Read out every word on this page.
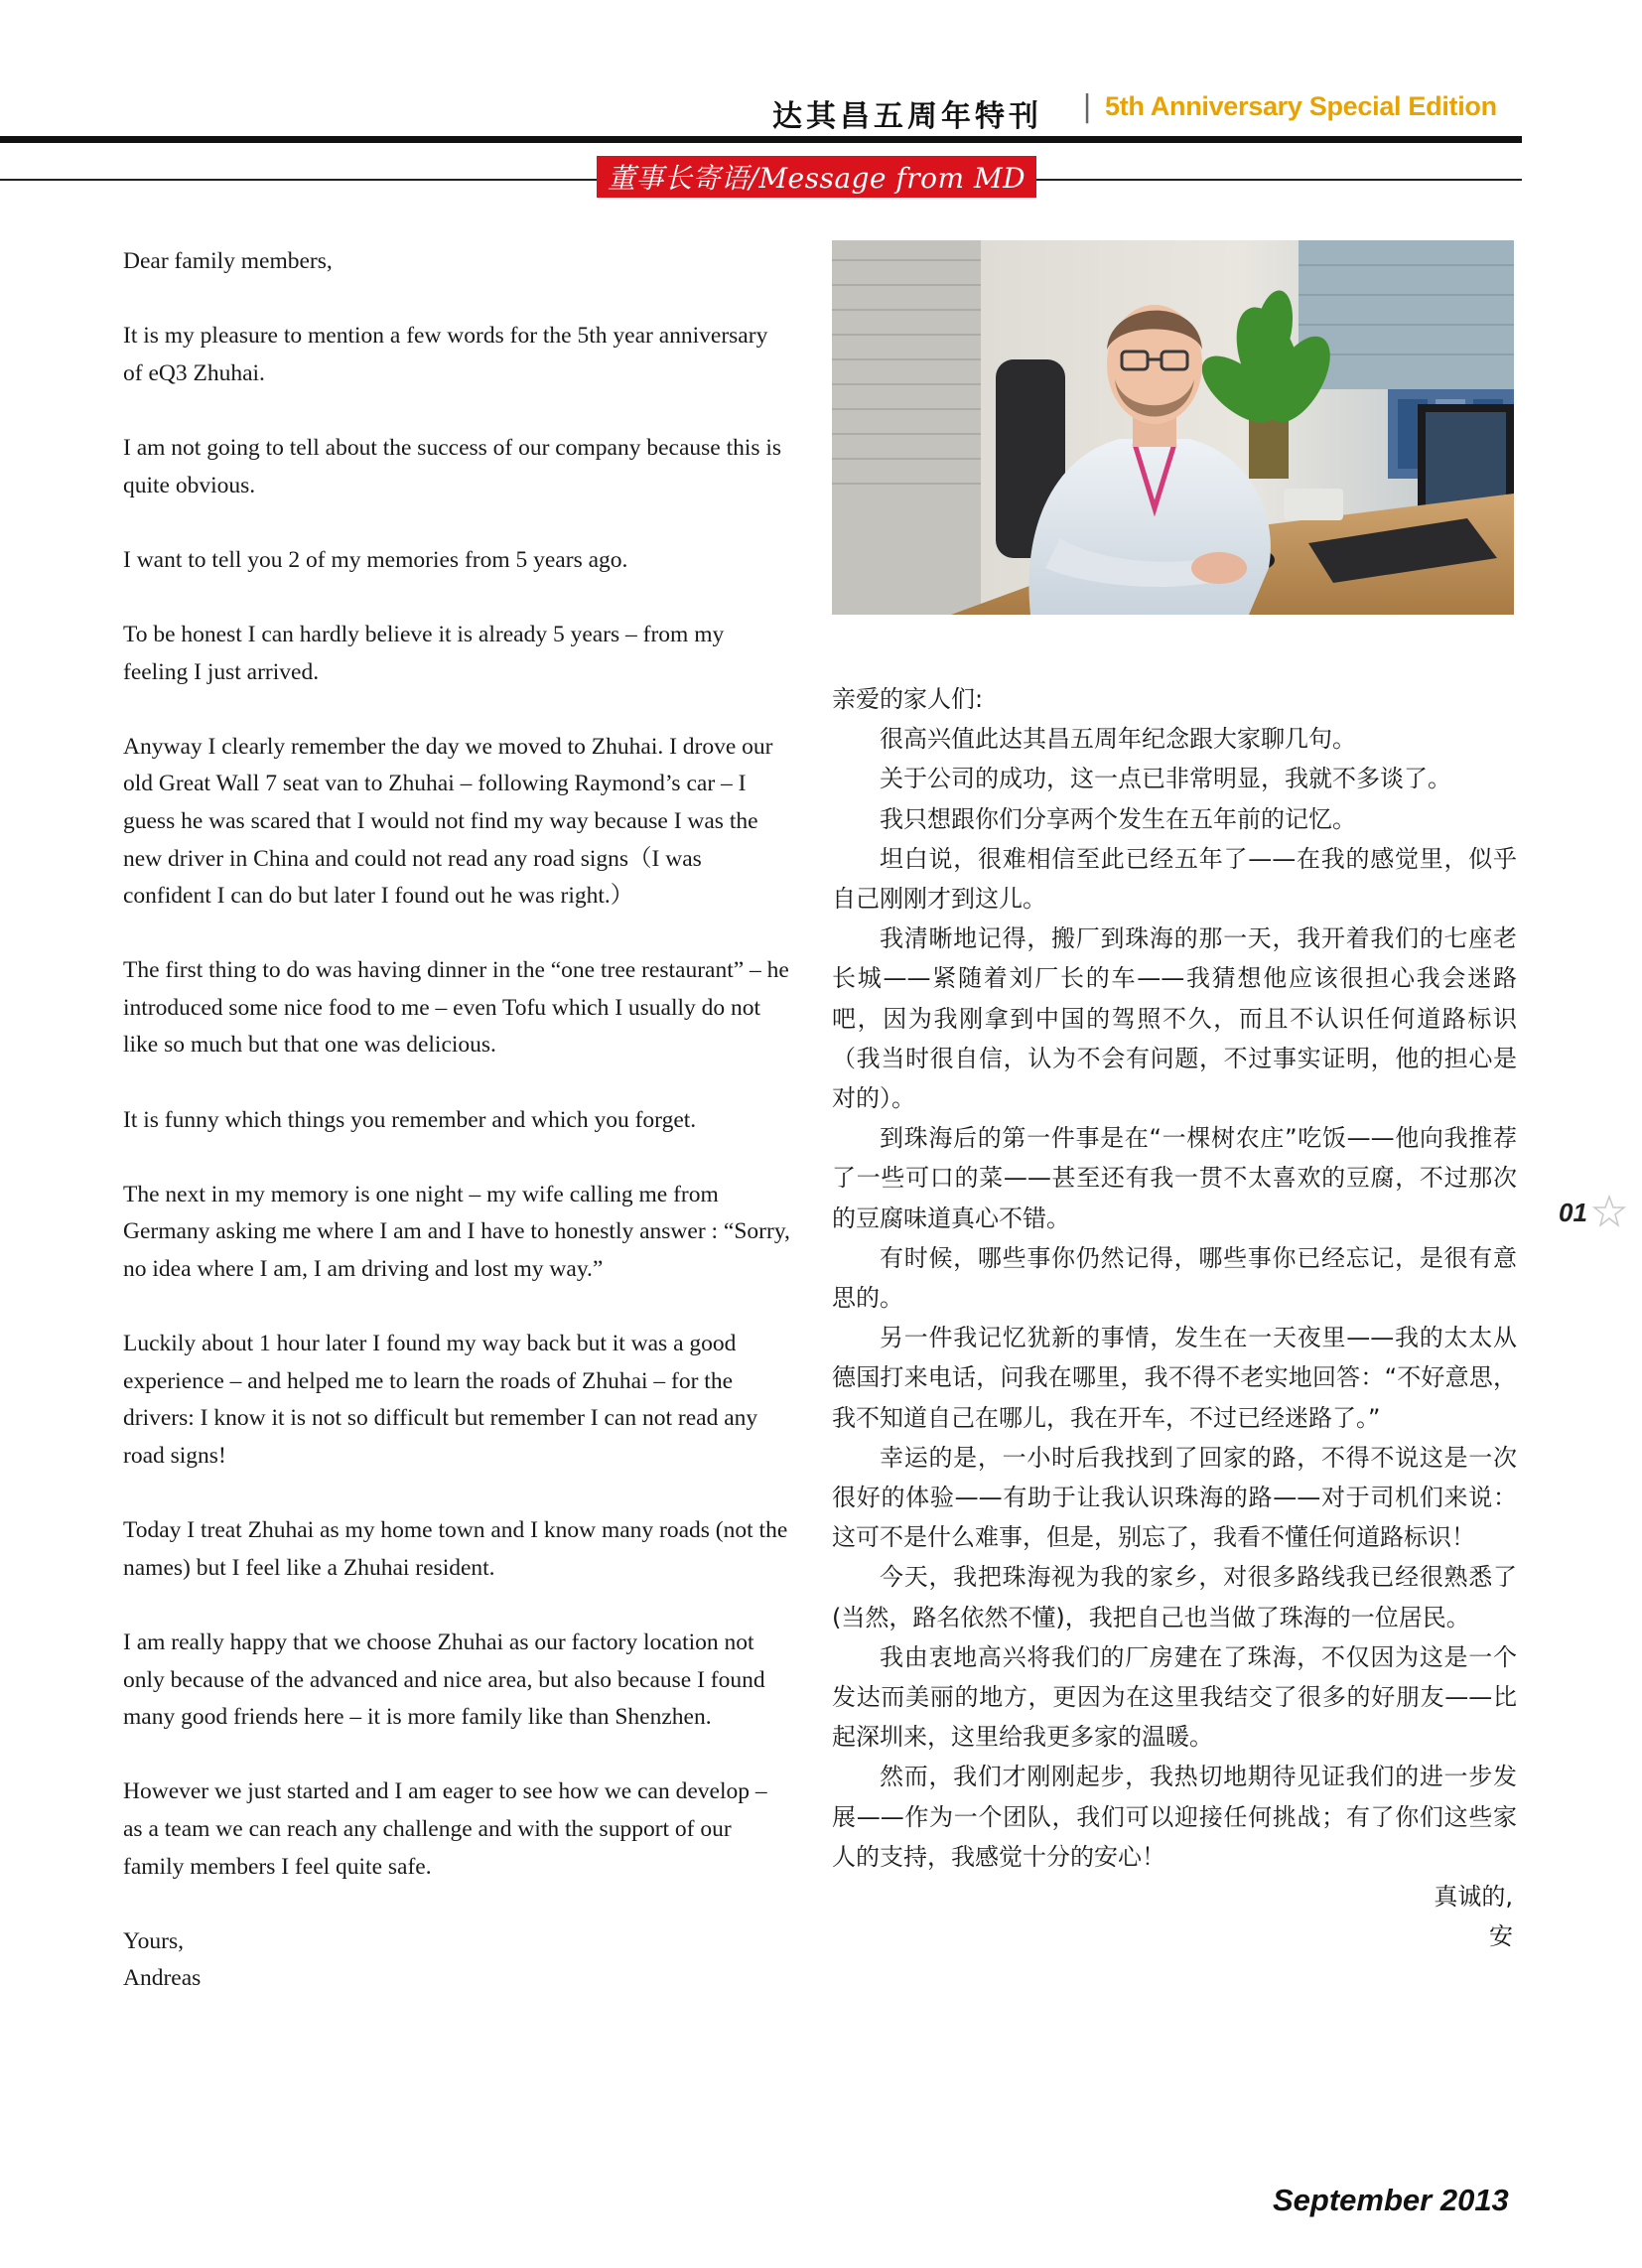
达其昌五周年特刊 | 5th Anniversary Special Edition
董事长寄语/Message from MD

Dear family members,

It is my pleasure to mention a few words for the 5th year anniversary of eQ3 Zhuhai.

I am not going to tell about the success of our company because this is quite obvious.

I want to tell you 2 of my memories from 5 years ago.

To be honest I can hardly believe it is already 5 years – from my feeling I just arrived.

Anyway I clearly remember the day we moved to Zhuhai. I drove our old Great Wall 7 seat van to Zhuhai – following Raymond’s car – I guess he was scared that I would not find my way because I was the new driver in China and could not read any road signs（I was confident I can do but later I found out he was right.）

The first thing to do was having dinner in the “one tree restaurant” – he introduced some nice food to me – even Tofu which I usually do not like so much but that one was delicious.

It is funny which things you remember and which you forget.

The next in my memory is one night – my wife calling me from Germany asking me where I am and I have to honestly answer : “Sorry, no idea where I am, I am driving and lost my way.”

Luckily about 1 hour later I found my way back but it was a good experience – and helped me to learn the roads of Zhuhai – for the drivers: I know it is not so difficult but remember I can not read any road signs!

Today I treat Zhuhai as my home town and I know many roads (not the names) but I feel like a Zhuhai resident.

I am really happy that we choose Zhuhai as our factory location not only because of the advanced and nice area, but also because I found many good friends here – it is more family like than Shenzhen.

However we just started and I am eager to see how we can develop – as a team we can reach any challenge and with the support of our family members I feel quite safe.

Yours,

Andreas

亲爱的家人们:

很高兴值此达其昌五周年纪念跟大家聊几句。

关于公司的成功，这一点已非常明显，我就不多谈了。

我只想跟你们分享两个发生在五年前的记忆。

坦白说，很难相信至此已经五年了——在我的感觉里，似乎自己刚刚才到这儿。

我清晰地记得，搬厂到珠海的那一天，我开着我们的七座老长城——紧随着刘厂长的车——我猜想他应该很担心我会迷路吧，因为我刚拿到中国的驾照不久，而且不认识任何道路标识（我当时很自信，认为不会有问题，不过事实证明，他的担心是对的）。

到珠海后的第一件事是在“一棵树农庄”吃饭——他向我推荐了一些可口的菜——甚至还有我一贯不太喜欢的豆腐，不过那次的豆腐味道真心不错。

有时候，哪些事你仍然记得，哪些事你已经忘记，是很有意思的。

另一件我记忆犹新的事情，发生在一天夜里——我的太太从德国打来电话，问我在哪里，我不得不老实地回答：“不好意思，我不知道自己在哪儿，我在开车，不过已经迷路了。”

幸运的是，一小时后我找到了回家的路，不得不说这是一次很好的体验——有助于让我认识珠海的路——对于司机们来说：这可不是什么难事，但是，别忘了，我看不懂任何道路标识！

今天，我把珠海视为我的家乡，对很多路线我已经很熟悉了(当然，路名依然不懂)，我把自己也当做了珠海的一位居民。

我由衷地高兴将我们的厂房建在了珠海，不仅因为这是一个发达而美丽的地方，更因为在这里我结交了很多的好朋友——比起深圳来，这里给我更多家的温暖。

然而，我们才刚刚起步，我热切地期待见证我们的进一步发展——作为一个团队，我们可以迎接任何挑战；有了你们这些家人的支持，我感觉十分的安心！

真诚的,

安

01
September 2013
